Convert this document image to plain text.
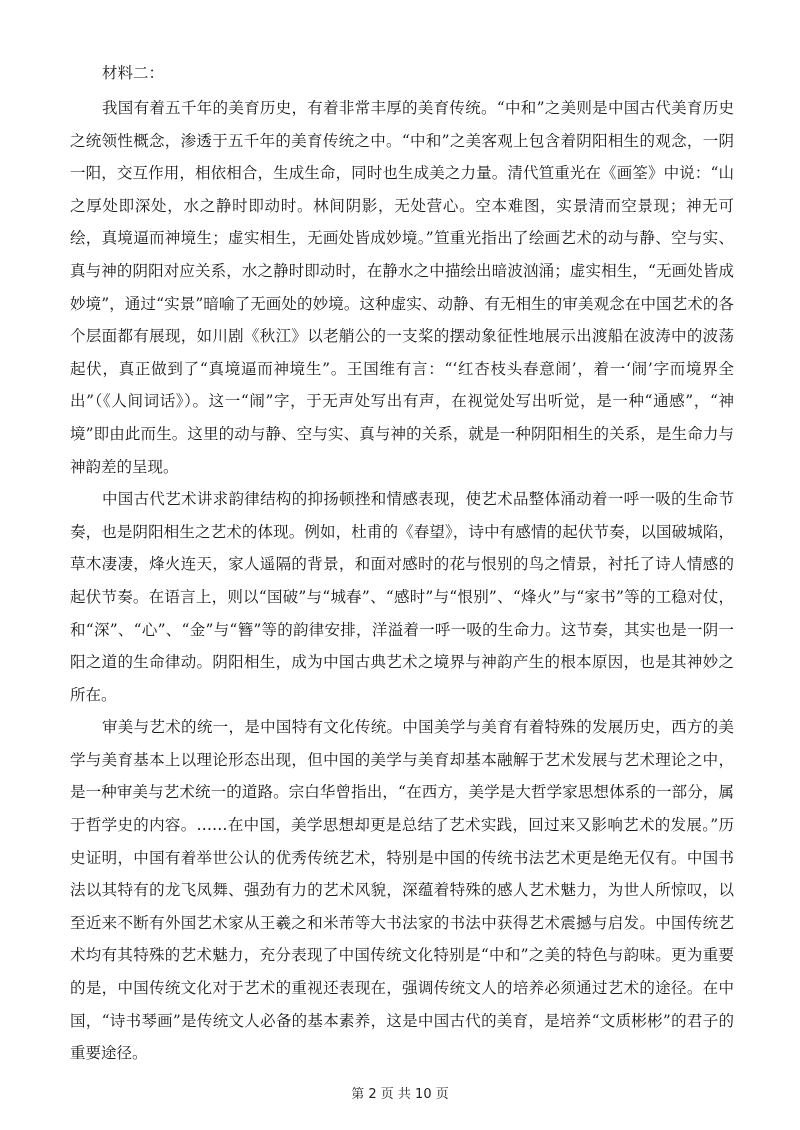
材料二：

我国有着五千年的美育历史，有着非常丰厚的美育传统。“中和”之美则是中国古代美育历史之统领性概念，渗透于五千年的美育传统之中。“中和”之美客观上包含着阴阳相生的观念，一阴一阳，交互作用，相依相合，生成生命，同时也生成美之力量。清代笪重光在《画筌》中说：“山之厚处即深处，水之静时即动时。林间阴影，无处营心。空本难图，实景清而空景现；神无可绘，真境逼而神境生；虚实相生，无画处皆成妙境。”笪重光指出了绘画艺术的动与静、空与实、真与神的阴阳对应关系，水之静时即动时，在静水之中描绘出暗波汹涌；虚实相生，“无画处皆成妙境”，通过“实景”暗喻了无画处的妙境。这种虚实、动静、有无相生的审美观念在中国艺术的各个层面都有展现，如川剧《秋江》以老艄公的一支桨的摆动象征性地展示出渡船在波涛中的波荡起伏，真正做到了“真境逼而神境生”。王国维有言：“‘红杏枝头春意闹’，着一‘闹’字而境界全出”（《人间词话》）。这一“闹”字，于无声处写出有声，在视觉处写出听觉，是一种“通感”，“神境”即由此而生。这里的动与静、空与实、真与神的关系，就是一种阴阳相生的关系，是生命力与神韵差的呈现。

中国古代艺术讲求韵律结构的抑扬顿挫和情感表现，使艺术品整体涌动着一呼一吸的生命节奏，也是阴阳相生之艺术的体现。例如，杜甫的《春望》，诗中有感情的起伏节奏，以国破城陷，草木凄凄，烽火连天，家人遥隔的背景，和面对感时的花与恨别的鸟之情景，衬托了诗人情感的起伏节奏。在语言上，则以“国破”与“城春”、“感时”与“恨别”、“烽火”与“家书”等的工稳对仗，和“深”、“心”、“金”与“簪”等的韵律安排，洋溢着一呼一吸的生命力。这节奏，其实也是一阴一阳之道的生命律动。阴阳相生，成为中国古典艺术之境界与神韵产生的根本原因，也是其神妙之所在。

审美与艺术的统一，是中国特有文化传统。中国美学与美育有着特殊的发展历史，西方的美学与美育基本上以理论形态出现，但中国的美学与美育却基本融解于艺术发展与艺术理论之中，是一种审美与艺术统一的道路。宗白华曾指出，“在西方，美学是大哲学家思想体系的一部分，属于哲学史的内容。……在中国，美学思想却更是总结了艺术实践，回过来又影响艺术的发展。”历史证明，中国有着举世公认的优秀传统艺术，特别是中国的传统书法艺术更是绝无仅有。中国书法以其特有的龙飞凤舞、强劲有力的艺术风貌，深蕴着特殊的感人艺术魅力，为世人所惊叹，以至近来不断有外国艺术家从王羲之和米芾等大书法家的书法中获得艺术震撼与启发。中国传统艺术均有其特殊的艺术魅力，充分表现了中国传统文化特别是“中和”之美的特色与韵味。更为重要的是，中国传统文化对于艺术的重视还表现在，强调传统文人的培养必须通过艺术的途径。在中国，“诗书琴画”是传统文人必备的基本素养，这是中国古代的美育，是培养“文质彬彬”的君子的重要途径。

第 2 页 共 10 页
